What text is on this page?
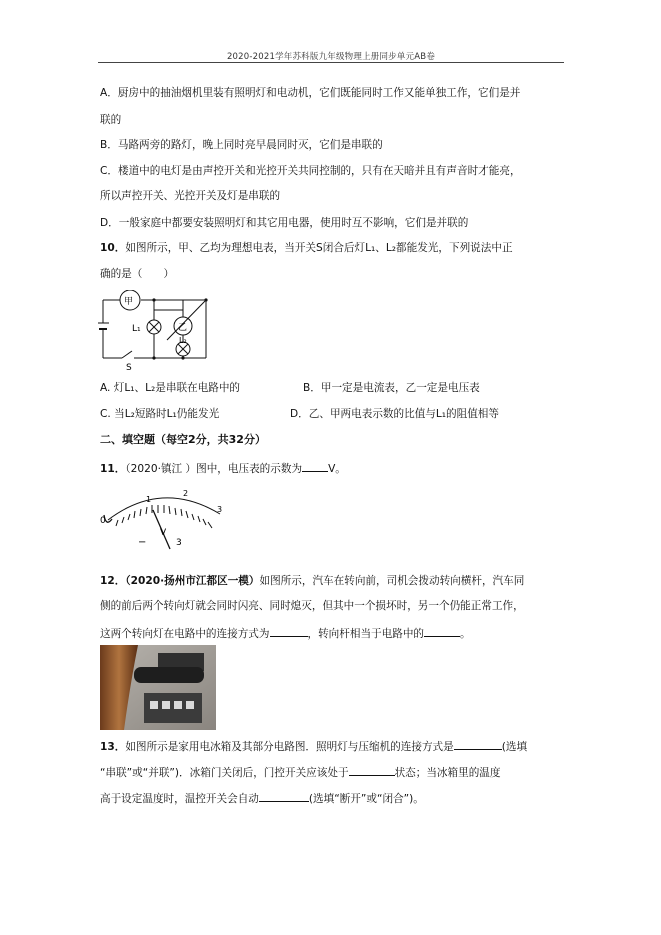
2020-2021学年苏科版九年级物理上册同步单元AB卷
A．厨房中的抽油烟机里装有照明灯和电动机，它们既能同时工作又能单独工作，它们是并
联的
B．马路两旁的路灯，晚上同时亮早晨同时灭，它们是串联的
C．楼道中的电灯是由声控开关和光控开关共同控制的，只有在天暗并且有声音时才能亮，
所以声控开关、光控开关及灯是串联的
D．一般家庭中都要安装照明灯和其它用电器，使用时互不影响，它们是并联的
10．如图所示，甲、乙均为理想电表，当开关S闭合后灯L₁、L₂都能发光，下列说法中正
确的是（　　）
甲
乙
L₁
L₂
S
A. 灯L₁、L₂是串联在电路中的	B．甲一定是电流表，乙一定是电压表
C. 当L₂短路时L₁仍能发光	D．乙、甲两电表示数的比值与L₁的阻值相等
二、填空题（每空2分，共32分）
11．（2020·镇江 ）图中，电压表的示数为 V。
0
1
2
3
V
−	3
12．（2020·扬州市江都区一模）如图所示，汽车在转向前，司机会拨动转向横杆，汽车同
侧的前后两个转向灯就会同时闪亮、同时熄灭，但其中一个损坏时，另一个仍能正常工作，
这两个转向灯在电路中的连接方式为	，转向杆相当于电路中的	。
13．如图所示是家用电冰箱及其部分电路图．照明灯与压缩机的连接方式是	(选填
“串联”或“并联”)．冰箱门关闭后，门控开关应该处于	状态；当冰箱里的温度
高于设定温度时，温控开关会自动	(选填“断开”或“闭合”)。
